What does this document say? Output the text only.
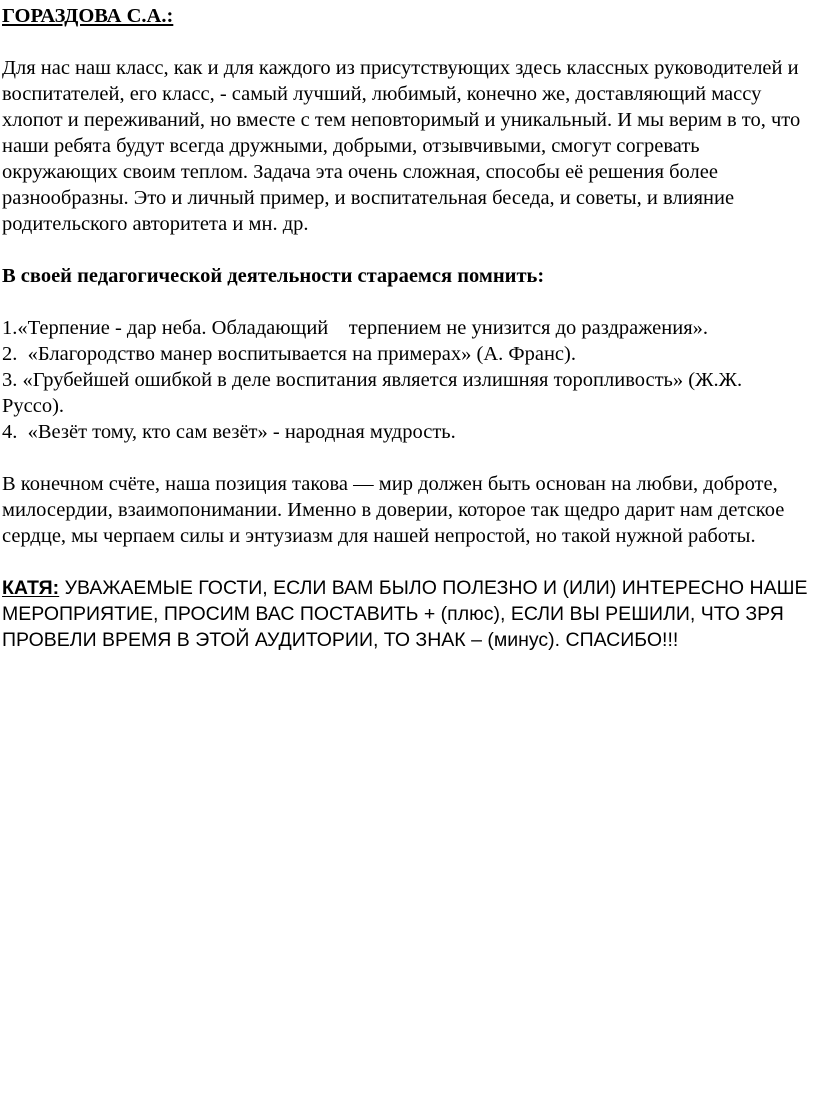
ГОРАЗДОВА С.А.:

Для нас наш класс, как и для каждого из присутствующих здесь классных руководителей и воспитателей, его класс, - самый лучший, любимый, конечно же, доставляющий массу хлопот и переживаний, но вместе с тем неповторимый и уникальный. И мы верим в то, что наши ребята будут всегда дружными, добрыми, отзывчивыми, смогут согревать окружающих своим теплом. Задача эта очень сложная, способы её решения более разнообразны. Это и личный пример, и воспитательная беседа, и советы, и влияние родительского авторитета и мн. др.

В своей педагогической деятельности стараемся помнить:

1.«Терпение - дар неба. Обладающий    терпением не унизится до раздражения».

2.  «Благородство манер воспитывается на примерах» (А. Франс).

3. «Грубейшей ошибкой в деле воспитания является излишняя торопливость» (Ж.Ж. Руссо).

4.  «Везёт тому, кто сам везёт» - народная мудрость.

В конечном счёте, наша позиция такова — мир должен быть основан на любви, доброте, милосердии, взаимопонимании. Именно в доверии, которое так щедро дарит нам детское сердце, мы черпаем силы и энтузиазм для нашей непростой, но такой нужной работы.

КАТЯ: УВАЖАЕМЫЕ ГОСТИ, ЕСЛИ ВАМ БЫЛО ПОЛЕЗНО И (ИЛИ) ИНТЕРЕСНО НАШЕ МЕРОПРИЯТИЕ, ПРОСИМ ВАС ПОСТАВИТЬ + (плюс), ЕСЛИ ВЫ РЕШИЛИ, ЧТО ЗРЯ ПРОВЕЛИ ВРЕМЯ В ЭТОЙ АУДИТОРИИ, ТО ЗНАК – (минус). СПАСИБО!!!
